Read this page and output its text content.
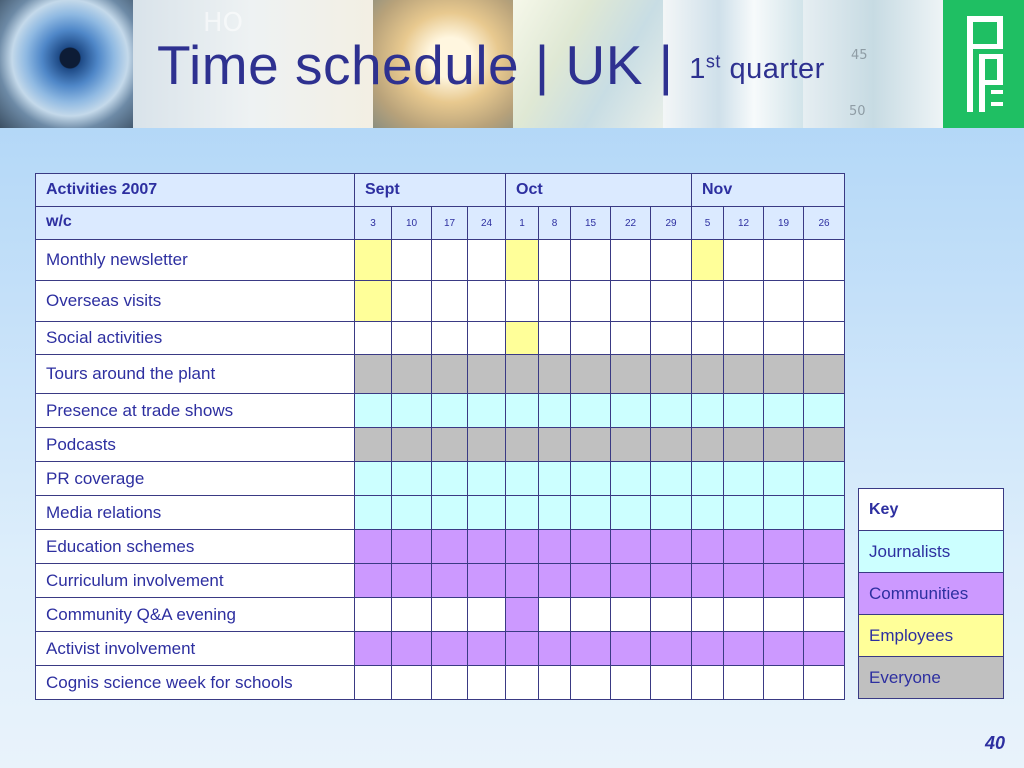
HO
45
50
Time schedule | UK | 1st quarter
Activities 2007	Sept				Oct					Nov			
w/c	3	10	17	24	1	8	15	22	29	5	12	19	26
Monthly newsletter													
Overseas visits													
Social activities													
Tours around the plant													
Presence at trade shows													
Podcasts													
PR coverage													
Media relations													
Education schemes													
Curriculum involvement													
Community Q&A evening													
Activist involvement													
Cognis science week for schools													
Key
Journalists
Communities
Employees
Everyone
40
